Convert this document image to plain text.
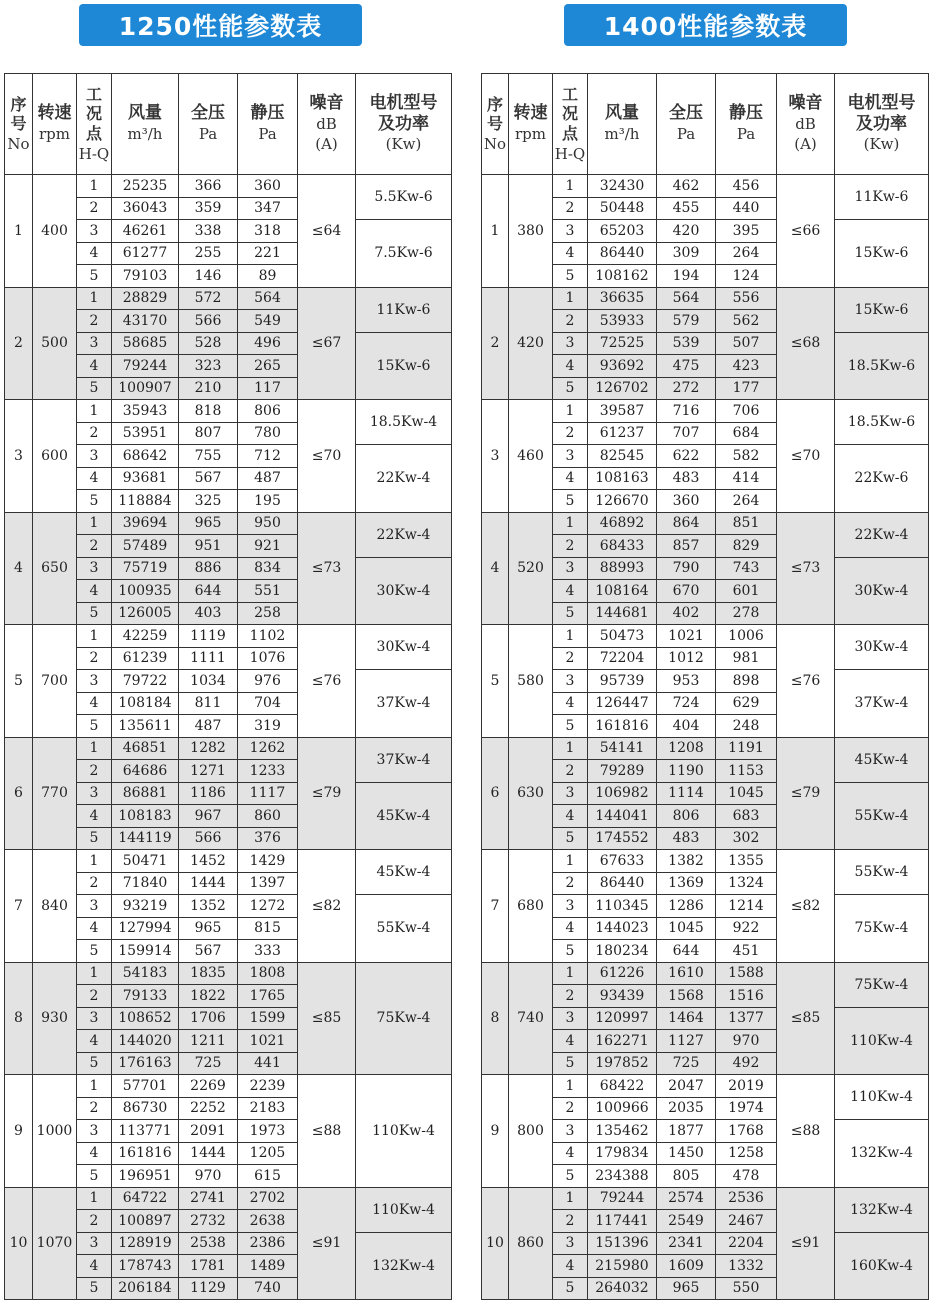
1250性能参数表
序
号
No	转速
rpm	工
况
点
H-Q	风量
m³/h	全压
Pa	静压
Pa	噪音
dB
(A)	电机型号
及功率
(Kw)
1	400	1	25235	366	360	≤64	5.5Kw-6
		2	36043	359	347		
		3	46261	338	318		7.5Kw-6
		4	61277	255	221		
		5	79103	146	89		
2	500	1	28829	572	564	≤67	11Kw-6
		2	43170	566	549		
		3	58685	528	496		15Kw-6
		4	79244	323	265		
		5	100907	210	117		
3	600	1	35943	818	806	≤70	18.5Kw-4
		2	53951	807	780		
		3	68642	755	712		22Kw-4
		4	93681	567	487		
		5	118884	325	195		
4	650	1	39694	965	950	≤73	22Kw-4
		2	57489	951	921		
		3	75719	886	834		30Kw-4
		4	100935	644	551		
		5	126005	403	258		
5	700	1	42259	1119	1102	≤76	30Kw-4
		2	61239	1111	1076		
		3	79722	1034	976		37Kw-4
		4	108184	811	704		
		5	135611	487	319		
6	770	1	46851	1282	1262	≤79	37Kw-4
		2	64686	1271	1233		
		3	86881	1186	1117		45Kw-4
		4	108183	967	860		
		5	144119	566	376		
7	840	1	50471	1452	1429	≤82	45Kw-4
		2	71840	1444	1397		
		3	93219	1352	1272		55Kw-4
		4	127994	965	815		
		5	159914	567	333		
8	930	1	54183	1835	1808	≤85	75Kw-4
		2	79133	1822	1765		
		3	108652	1706	1599		
		4	144020	1211	1021		
		5	176163	725	441		
9	1000	1	57701	2269	2239	≤88	110Kw-4
		2	86730	2252	2183		
		3	113771	2091	1973		
		4	161816	1444	1205		
		5	196951	970	615		
10	1070	1	64722	2741	2702	≤91	110Kw-4
		2	100897	2732	2638		
		3	128919	2538	2386		132Kw-4
		4	178743	1781	1489		
		5	206184	1129	740		
1400性能参数表
序
号
No	转速
rpm	工
况
点
H-Q	风量
m³/h	全压
Pa	静压
Pa	噪音
dB
(A)	电机型号
及功率
(Kw)
1	380	1	32430	462	456	≤66	11Kw-6
		2	50448	455	440		
		3	65203	420	395		15Kw-6
		4	86440	309	264		
		5	108162	194	124		
2	420	1	36635	564	556	≤68	15Kw-6
		2	53933	579	562		
		3	72525	539	507		18.5Kw-6
		4	93692	475	423		
		5	126702	272	177		
3	460	1	39587	716	706	≤70	18.5Kw-6
		2	61237	707	684		
		3	82545	622	582		22Kw-6
		4	108163	483	414		
		5	126670	360	264		
4	520	1	46892	864	851	≤73	22Kw-4
		2	68433	857	829		
		3	88993	790	743		30Kw-4
		4	108164	670	601		
		5	144681	402	278		
5	580	1	50473	1021	1006	≤76	30Kw-4
		2	72204	1012	981		
		3	95739	953	898		37Kw-4
		4	126447	724	629		
		5	161816	404	248		
6	630	1	54141	1208	1191	≤79	45Kw-4
		2	79289	1190	1153		
		3	106982	1114	1045		55Kw-4
		4	144041	806	683		
		5	174552	483	302		
7	680	1	67633	1382	1355	≤82	55Kw-4
		2	86440	1369	1324		
		3	110345	1286	1214		75Kw-4
		4	144023	1045	922		
		5	180234	644	451		
8	740	1	61226	1610	1588	≤85	75Kw-4
		2	93439	1568	1516		
		3	120997	1464	1377		110Kw-4
		4	162271	1127	970		
		5	197852	725	492		
9	800	1	68422	2047	2019	≤88	110Kw-4
		2	100966	2035	1974		
		3	135462	1877	1768		132Kw-4
		4	179834	1450	1258		
		5	234388	805	478		
10	860	1	79244	2574	2536	≤91	132Kw-4
		2	117441	2549	2467		
		3	151396	2341	2204		160Kw-4
		4	215980	1609	1332		
		5	264032	965	550		
